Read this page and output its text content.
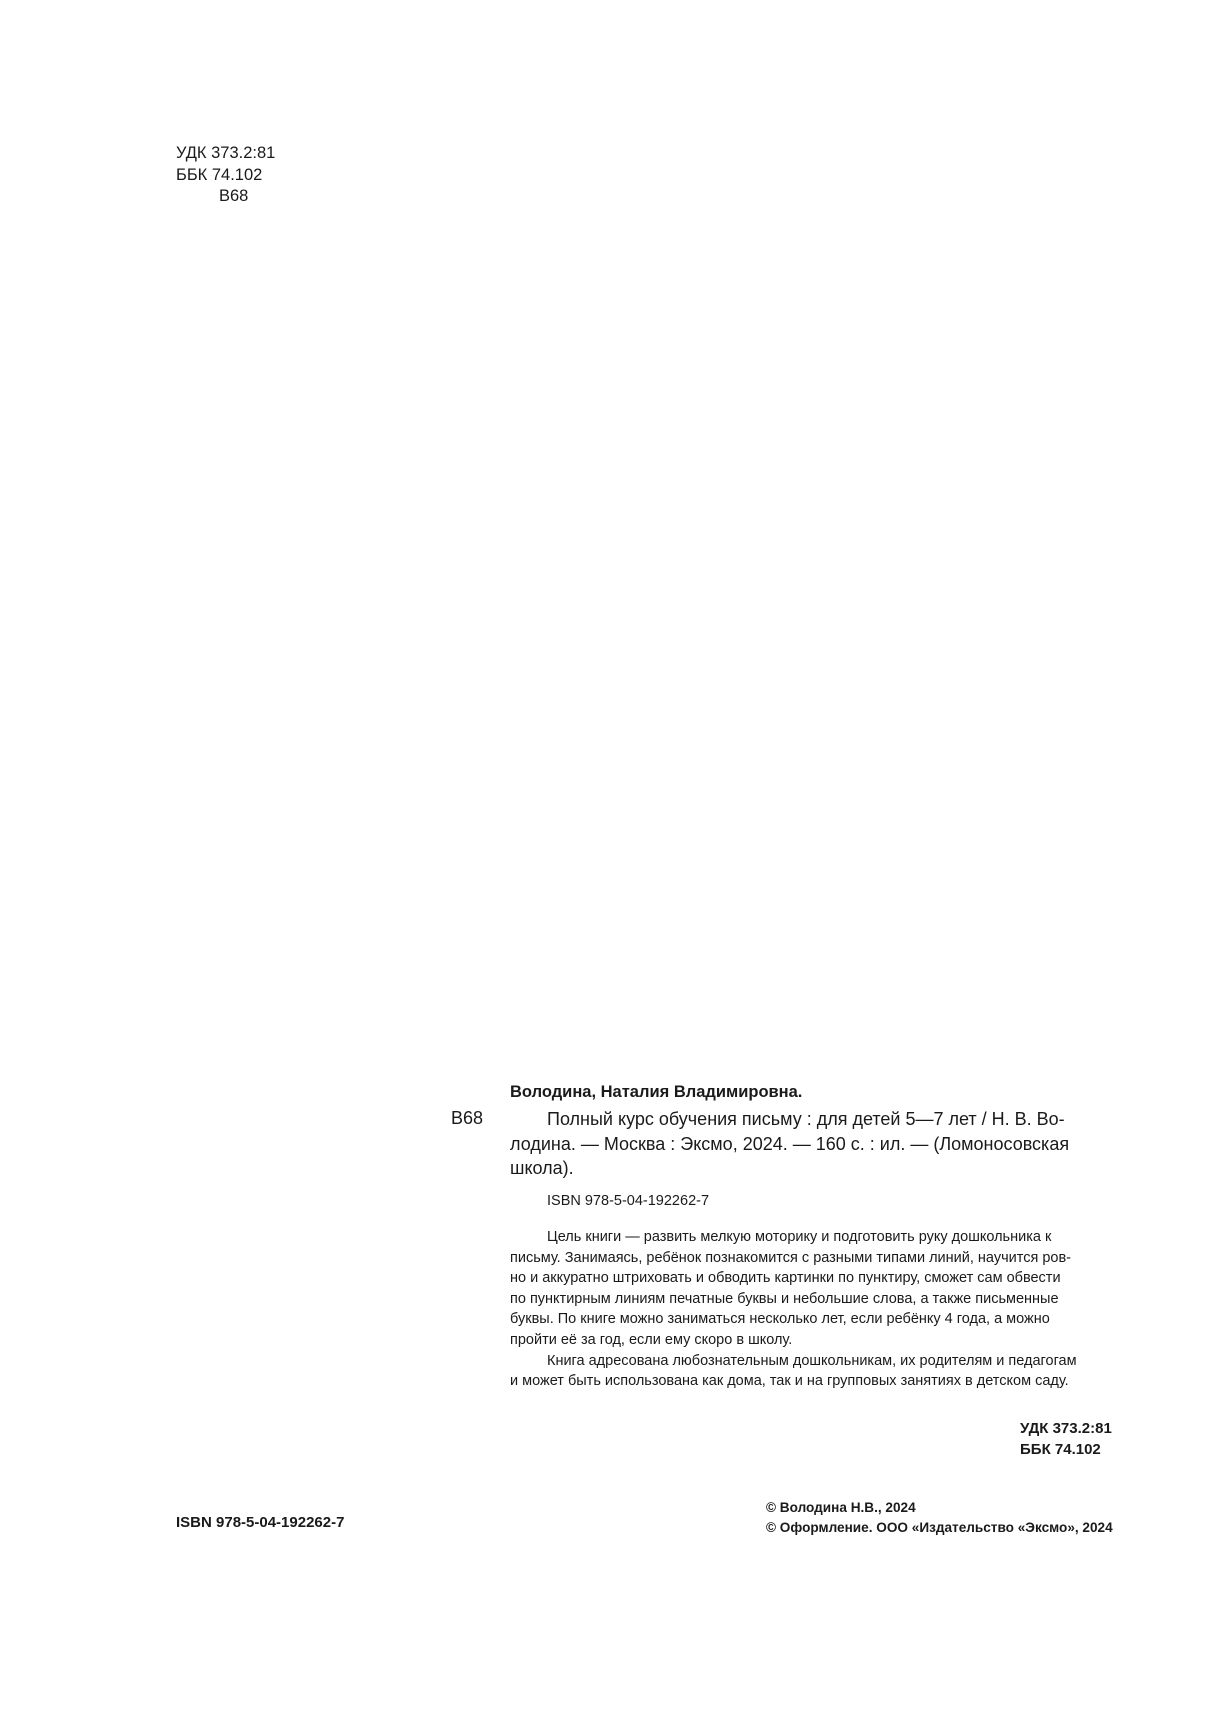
УДК 373.2:81
ББК 74.102
В68
Володина, Наталия Владимировна.
В68	Полный курс обучения письму : для детей 5—7 лет / Н. В. Во-
лодина. — Москва : Эксмо, 2024. — 160 с. : ил. — (Ломоносовская
школа).
ISBN 978-5-04-192262-7
Цель книги — развить мелкую моторику и подготовить руку дошкольника к
письму. Занимаясь, ребёнок познакомится с разными типами линий, научится ров-
но и аккуратно штриховать и обводить картинки по пунктиру, сможет сам обвести
по пунктирным линиям печатные буквы и небольшие слова, а также письменные
буквы. По книге можно заниматься несколько лет, если ребёнку 4 года, а можно
пройти её за год, если ему скоро в школу.
Книга адресована любознательным дошкольникам, их родителям и педагогам
и может быть использована как дома, так и на групповых занятиях в детском саду.
УДК 373.2:81
ББК 74.102
ISBN 978-5-04-192262-7
© Володина Н.В., 2024
© Оформление. ООО «Издательство «Эксмо», 2024
